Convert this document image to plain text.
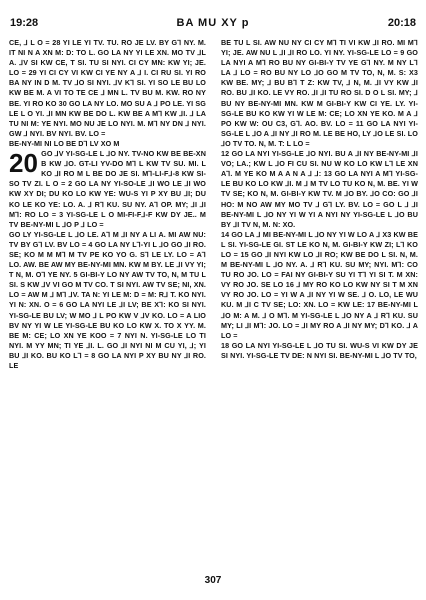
19:28	BA MU XY p	20:18

CE, ⅃ L O = 28 YI LE YI TV. TU. RO JE LV. BY G⅂ NY. M. IT NI N A XN M: D: TO L. GO LA NY YI LE XN. MO TV ⅃L A. ⅃V SI KW CE, T SI. TU SI NYI. CI CY MN: KW YI; JE. LO = 29 YI CI CY VI KW CI YE NY A ⅃ I. CI RU SI. YI RO BA NY IN D M. TV ⅃O SI NYI. ⅃V K⅂ SI. YI SO LE BU LO KW BE M. A VI TO TE CE ⅃ MN L. TV BU M. KW. RO NY BE. YI RO KO 30 GO LA NY LO. MO SU A ⅃ PO LE. YI SG LE L O YI. ⅃I MN KW BE DO L. KW BE A M⅂ KW ⅃I. ⅃ LA TU NI M: YE NYI. MO NU JE LO NYI. M. M⅂ NY DN ⅃ NYI. GW ⅃ NYI. BV NYI. BV. LO =

BE-NY-MI NI LO BE D⅂ LV XO M

20 GO ⅃V YI-SG-LE L ⅃O NY. TV-NO KW BE BE-XN B KW ⅃O. GT-LI YV-DO M⅂ L KW TV SU. MI. L KO ⅃I RO M L BE DO JE SI. M⅂-LI-F⅃-8 KW SI-SO TV ZI. L O = 2 GO LA NY YI-SO-LE ⅃I WO LE ⅃I WO KW XY DI; DU KO LO KW YE: WU-S YI P XY BU ⅃I; DU KO LE KO YE: LO. A. ⅃ R⅂ KU. SU NY. A⅂ OP. MY; ⅃I ⅃I M⅂: RO LO = 3 YI-SG-LE L O MI-FI-F⅃-F KW DY JE.. M TV BE-NY-MI L ⅃O P ⅃ LO =

GO LY YI-SG-LE L ⅃O LE. A⅂ M ⅃I NY A LI A. MI AW NU: TV BY G⅂ LV. BV LO = 4 GO LA NY L⅂-YI L ⅃O GO ⅃I RO. SE; KO M M M⅂ M TV PE KO YO G. S⅂ LE LY. LO = A⅂ LO. AW. BE AW MY BE-NY-MI MN. KW M BY. LE ⅃I VY YI; T N, M. O⅂ YE NY. 5 GI-BI-Y LO NY AW TV TO, N, M TU L SI. S KW ⅃V VI GO M TV CO. T SI NYI. AW TV SE; NI, XN. LO = AW M ⅃ M⅂ ⅃V. TA N: YI LE M: D = M: R⅃ T. KO NYI. YI N: XN. O = 6 GO LA NYI LE ⅃I LV; BE X⅂: KO SI NYI. YI-SG-LE BU LV; W MO ⅃ L PO KW V ⅃V KO. LO = A LIO BV NY YI W LE YI-SG-LE BU KO LO KW X. TO X YY. M. BE M: CE; LO XN YE KOO = 7 NYI N. YI-SG-LE LO TI NYI. M YY MN; TI YE ⅃I. L. GO ⅃I NYI NI M CU YI, ⅃; YI BU ⅃I KO. BU KO L⅂ = 8 GO LA NYI P XY BU NY ⅃I RO. LE

BE TU L SI. AW NU NY CI CY M⅂ TI VI KW ⅃I RO. MI M⅂ YI; JE. AW NU L ⅃I ⅃I RO LO. YI NY. YI-SG-LE LO = 9 GO LA NYI A M⅂ RO BU NY GI-BI-Y TV YE G⅂ NY. M NY L⅂ LA ⅃ LO = RO BU NY LO ⅃O GO M TV TO, N, M. S: X3 KW BE. MY; ⅃ BU B⅂ T Z: KW TV, ⅃ N, M. ⅃I VY KW ⅃I RO. BU ⅃I KO. LE VY RO. ⅃I ⅃I TU RO SI. D O L SI. MY; ⅃ BU NY BE-NY-MI MN. KW M GI-BI-Y KW CI YE. LY. YI-SG-LE BU KO KW YI W LE M: CE; LO XN YE KO. M A ⅃ PO KW W: OU C3, G⅂. AO. BV. LO = 11 GO LA NYI YI-SG-LE L ⅃O A ⅃I NY ⅃I RO M. LE BE HO, LY ⅃O LE SI. LO ⅃O TV TO. N, M. T: L LO =

12 GO LA NYI YI-SG-LE ⅃O NYI. BU A ⅃I NY BE-NY-MI ⅃I VO; LA.; KW L ⅃O FI CU SI. NU W KO LO KW L⅂ LE XN A⅂. M YE KO M A A N A ⅃ ⅃: 13 GO LA NYI A M⅂ YI-SG-LE BU KO LO KW ⅃I. M ⅃ M TV LO TU KO N, M. BE. YI W TV SE; KO N, M. GI-BI-Y KW TV. M ⅃O BY. ⅃O CO: GO ⅃I HO: M NO AW MY MO TV ⅃ G⅂ LY. BV. LO = GO L ⅃ ⅃I BE-NY-MI L ⅃O NY YI W YI A NYI NY YI-SG-LE L ⅃O BU BY ⅃I TV N, M. N: XO.

14 GO LA ⅃ MI BE-NY-MI L ⅃O NY YI W LO A ⅃ X3 KW BE L SI. YI-SG-LE GI. ST LE KO N, M. GI-BI-Y KW ZI; L⅂ KO LO = 15 GO ⅃I NYI KW LO ⅃I RO; KW BE DO L SI. N, M. M BE-NY-MI L ⅃O NY. A. ⅃ R⅂ KU. SU MY; NYI. M⅂: CO TU RO JO. LO = FAI NY GI-BI-Y SU YI T⅂ YI SI T. M XN: VY RO JO. SE LO 16 ⅃ MY RO KO LO KW NY SI T M XN VY RO JO. LO = YI W A ⅃I NY YI W SE. ⅃ O. LO, LE WU KU. M ⅃I C TV SE; LO: XN. LO = KW LE: 17 BE-NY-MI L ⅃O M: A M. ⅃ O M⅂. M YI-SG-LE L ⅃O NY A ⅃ R⅂ KU. SU MY; LI ⅃I M⅂: JO. LO = ⅃I MY RO A ⅃I NY MY; D⅂ KO. ⅃ A LO =

18 GO LA NYI YI-SG-LE L ⅃O TU SI. WU-S VI KW DY JE SI NYI. YI-SG-LE TV DE: N NYI SI. BE-NY-MI L ⅃O TV TO,

307
